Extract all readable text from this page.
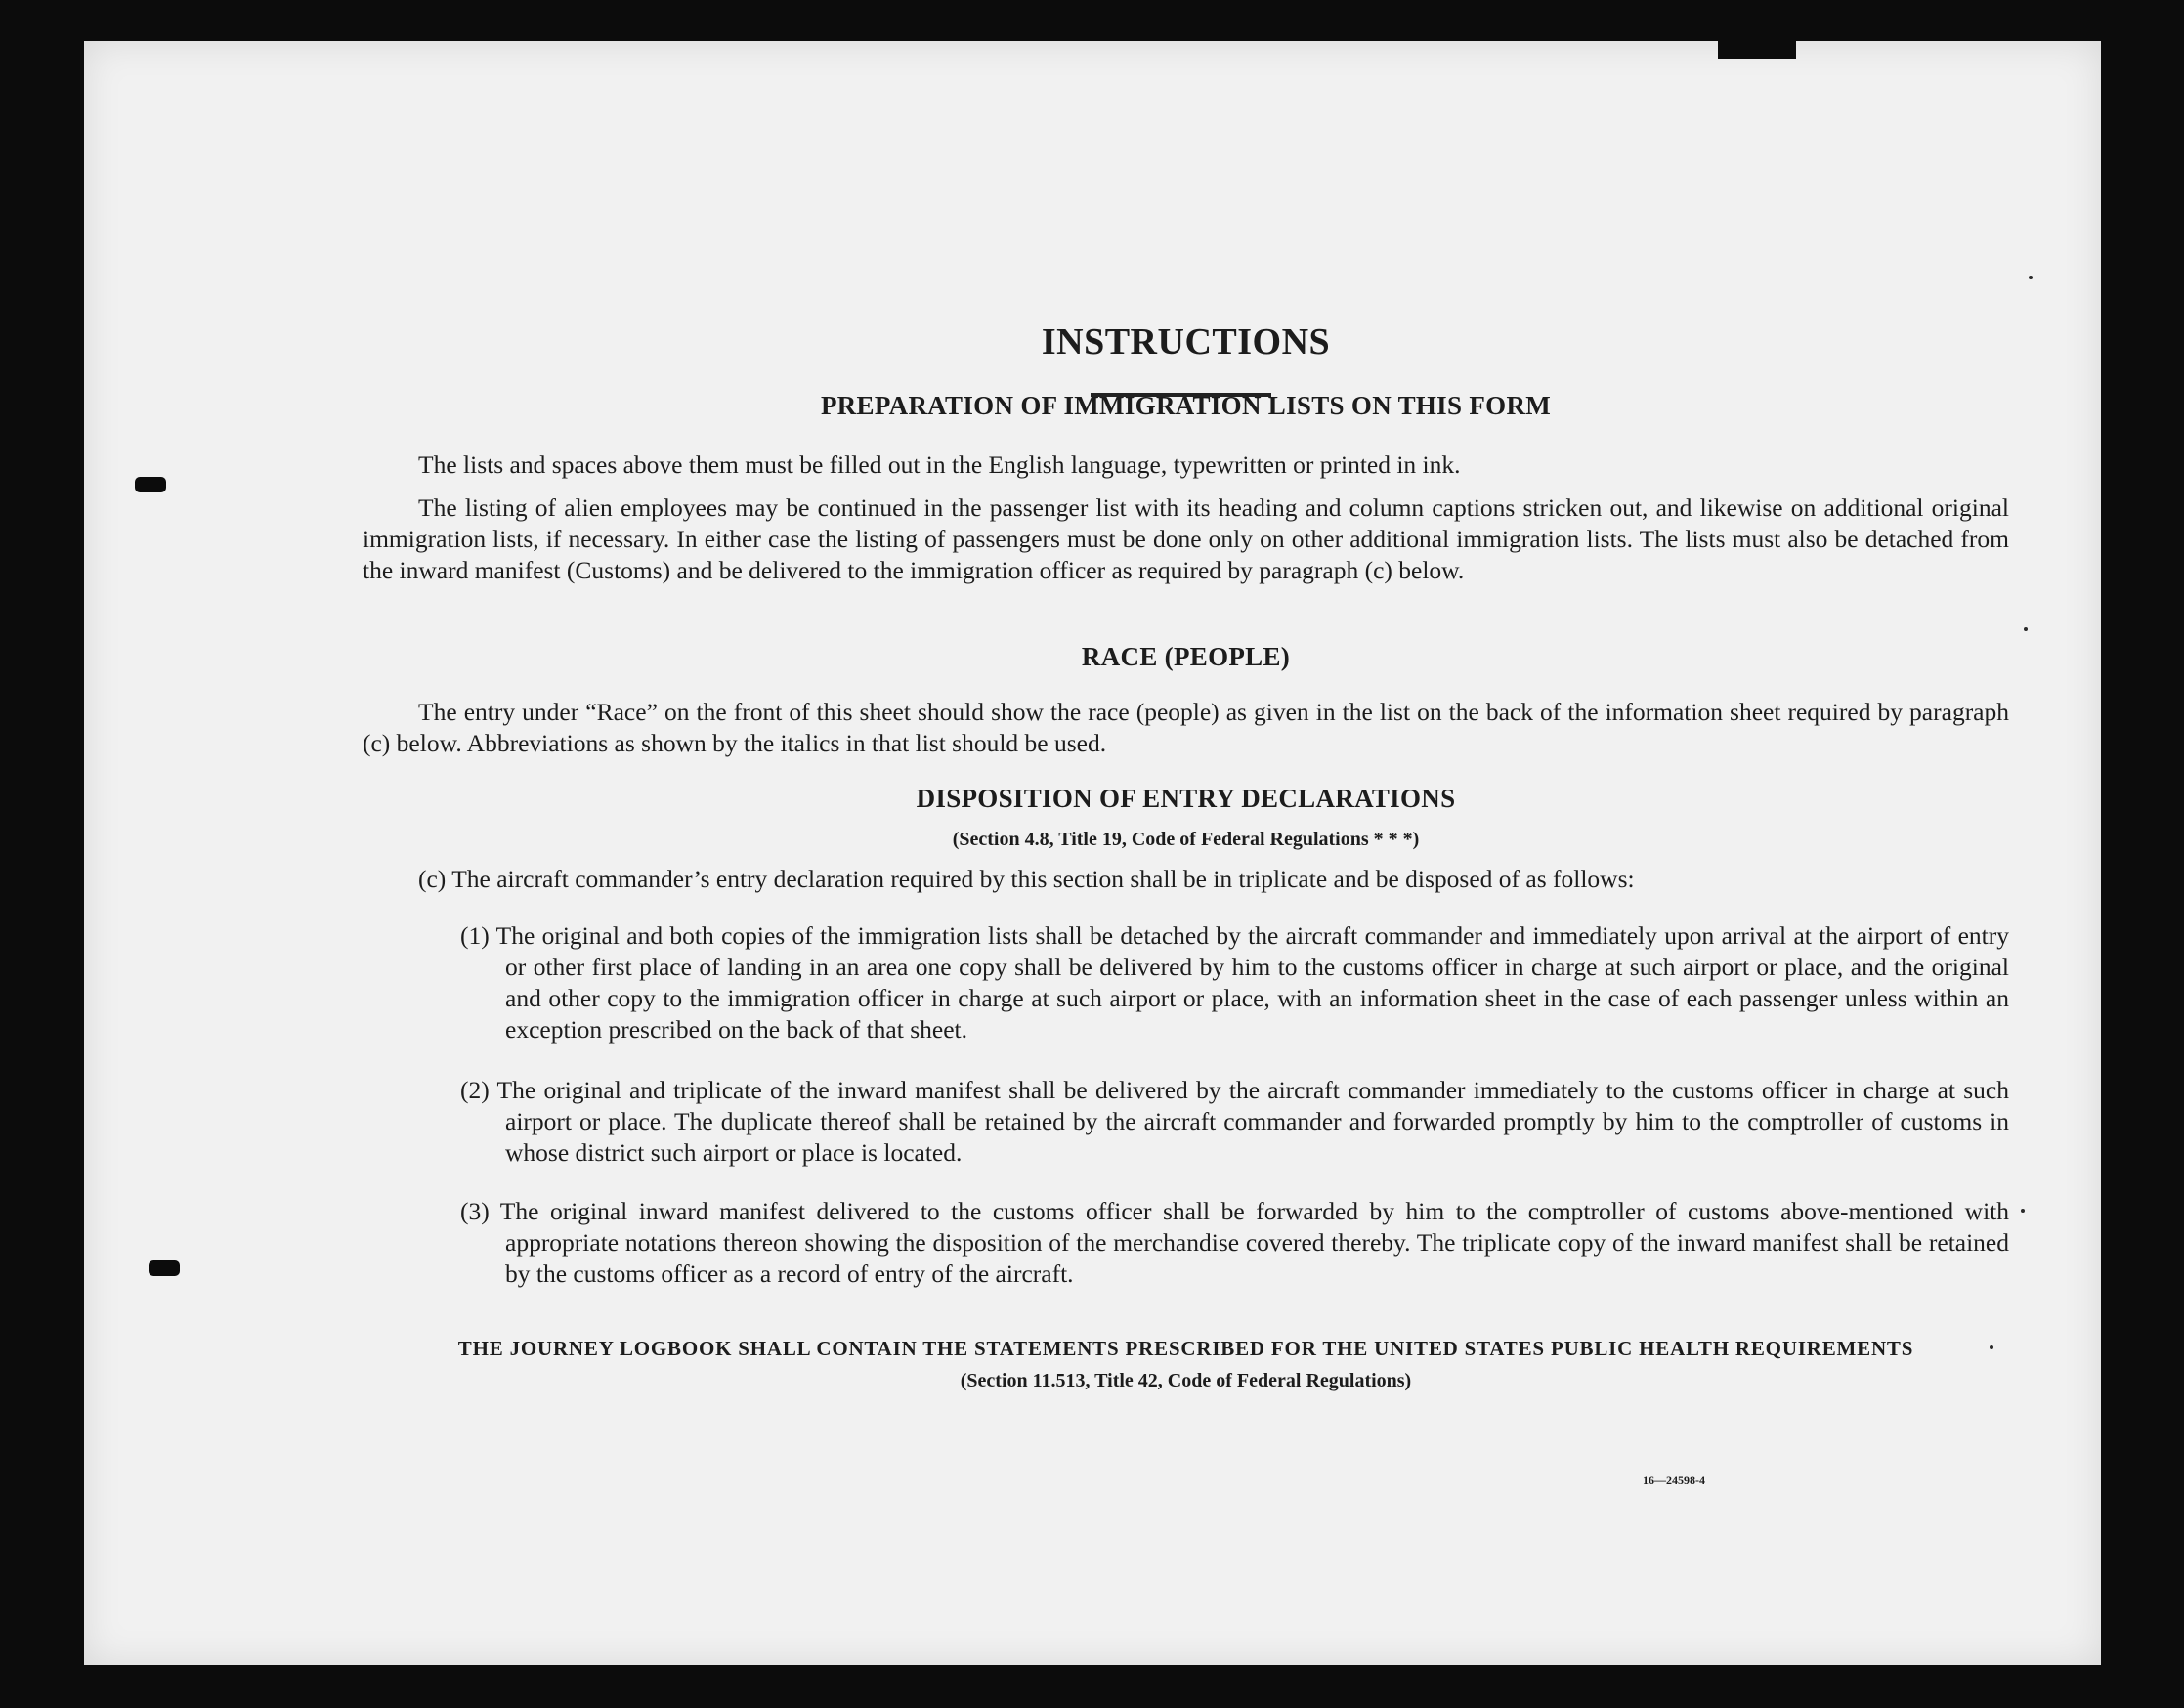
INSTRUCTIONS
PREPARATION OF IMMIGRATION LISTS ON THIS FORM
The lists and spaces above them must be filled out in the English language, typewritten or printed in ink.
The listing of alien employees may be continued in the passenger list with its heading and column captions stricken out, and likewise on additional original immigration lists, if necessary. In either case the listing of passengers must be done only on other additional immigration lists. The lists must also be detached from the inward manifest (Customs) and be delivered to the immigration officer as required by paragraph (c) below.
RACE (PEOPLE)
The entry under “Race” on the front of this sheet should show the race (people) as given in the list on the back of the information sheet required by paragraph (c) below. Abbreviations as shown by the italics in that list should be used.
DISPOSITION OF ENTRY DECLARATIONS
(Section 4.8, Title 19, Code of Federal Regulations * * *)
(c) The aircraft commander’s entry declaration required by this section shall be in triplicate and be disposed of as follows:
(1) The original and both copies of the immigration lists shall be detached by the aircraft commander and immediately upon arrival at the airport of entry or other first place of landing in an area one copy shall be delivered by him to the customs officer in charge at such airport or place, and the original and other copy to the immigration officer in charge at such airport or place, with an information sheet in the case of each passenger unless within an exception prescribed on the back of that sheet.
(2) The original and triplicate of the inward manifest shall be delivered by the aircraft commander immediately to the customs officer in charge at such airport or place. The duplicate thereof shall be retained by the aircraft commander and forwarded promptly by him to the comptroller of customs in whose district such airport or place is located.
(3) The original inward manifest delivered to the customs officer shall be forwarded by him to the comptroller of customs above-mentioned with appropriate notations thereon showing the disposition of the merchandise covered thereby. The triplicate copy of the inward manifest shall be retained by the customs officer as a record of entry of the aircraft.
THE JOURNEY LOGBOOK SHALL CONTAIN THE STATEMENTS PRESCRIBED FOR THE UNITED STATES PUBLIC HEALTH REQUIREMENTS
(Section 11.513, Title 42, Code of Federal Regulations)
16—24598-4
